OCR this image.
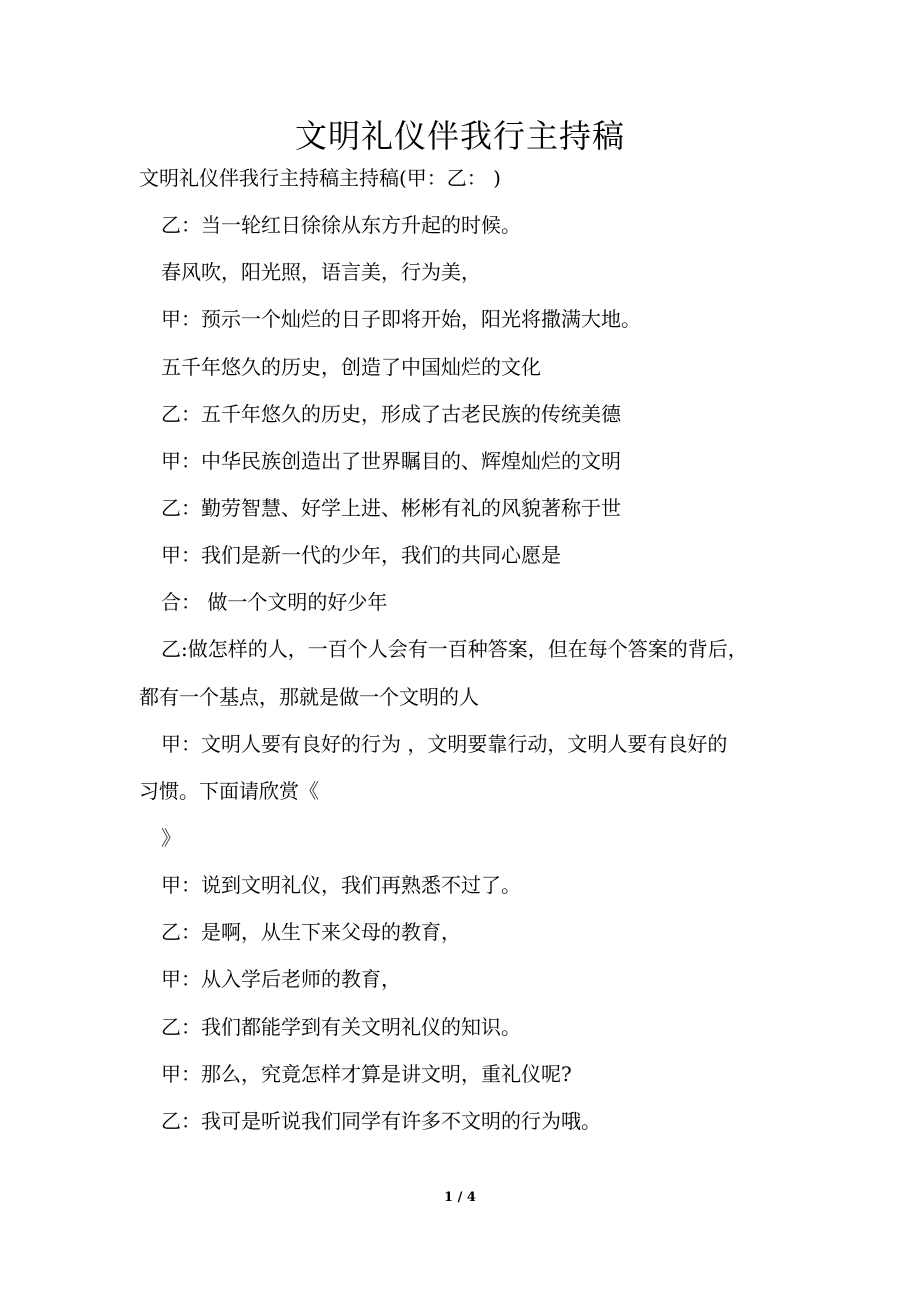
文明礼仪伴我行主持稿
文明礼仪伴我行主持稿主持稿(甲：乙： )
乙：当一轮红日徐徐从东方升起的时候。
春风吹，阳光照，语言美，行为美，
甲：预示一个灿烂的日子即将开始，阳光将撒满大地。
五千年悠久的历史，创造了中国灿烂的文化
乙：五千年悠久的历史，形成了古老民族的传统美德
甲：中华民族创造出了世界瞩目的、辉煌灿烂的文明
乙：勤劳智慧、好学上进、彬彬有礼的风貌著称于世
甲：我们是新一代的少年，我们的共同心愿是
合： 做一个文明的好少年
乙:做怎样的人，一百个人会有一百种答案，但在每个答案的背后，
都有一个基点，那就是做一个文明的人
甲：文明人要有良好的行为 ，文明要靠行动，文明人要有良好的
习惯。下面请欣赏《
》
甲：说到文明礼仪，我们再熟悉不过了。
乙：是啊，从生下来父母的教育，
甲：从入学后老师的教育，
乙：我们都能学到有关文明礼仪的知识。
甲：那么，究竟怎样才算是讲文明，重礼仪呢?
乙：我可是听说我们同学有许多不文明的行为哦。
1 / 4
